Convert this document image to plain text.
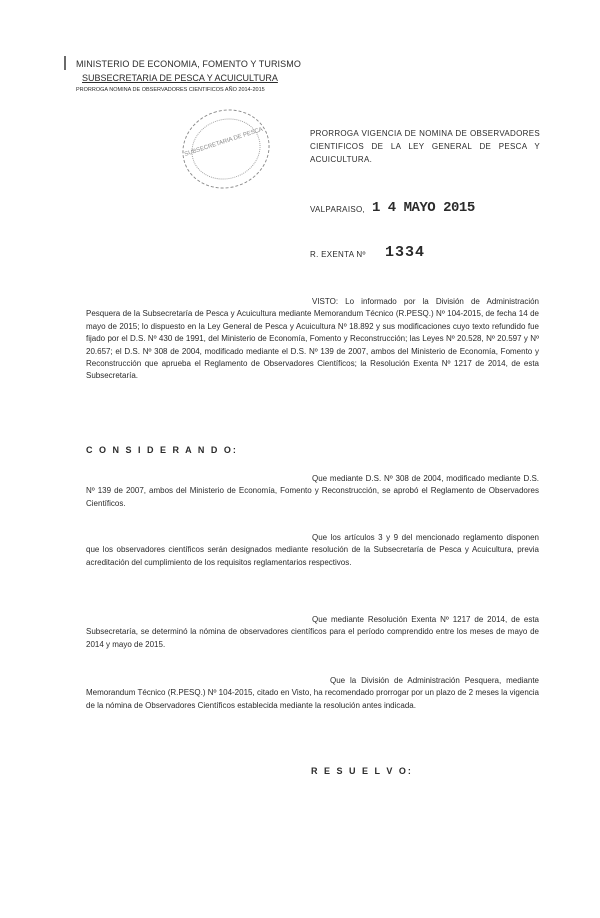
MINISTERIO DE ECONOMIA, FOMENTO Y TURISMO
SUBSECRETARIA DE PESCA Y ACUICULTURA
PRORROGA NOMINA DE OBSERVADORES CIENTIFICOS AÑO 2014-2015
SUBSECRETARIA DE PESCA	PRORROGA VIGENCIA DE NOMINA DE OBSERVADORES CIENTIFICOS DE LA LEY GENERAL DE PESCA Y ACUICULTURA.
VALPARAISO, 1 4 MAYO 2015
R. EXENTA Nº 1334
VISTO: Lo informado por la División de Administración Pesquera de la Subsecretaría de Pesca y Acuicultura mediante Memorandum Técnico (R.PESQ.) Nº 104-2015, de fecha 14 de mayo de 2015; lo dispuesto en la Ley General de Pesca y Acuicultura Nº 18.892 y sus modificaciones cuyo texto refundido fue fijado por el D.S. Nº 430 de 1991, del Ministerio de Economía, Fomento y Reconstrucción; las Leyes Nº 20.528, Nº 20.597 y Nº 20.657; el D.S. Nº 308 de 2004, modificado mediante el D.S. Nº 139 de 2007, ambos del Ministerio de Economía, Fomento y Reconstrucción que aprueba el Reglamento de Observadores Científicos; la Resolución Exenta Nº 1217 de 2014, de esta Subsecretaría.
C O N S I D E R A N D O:
Que mediante D.S. Nº 308 de 2004, modificado mediante D.S. Nº 139 de 2007, ambos del Ministerio de Economía, Fomento y Reconstrucción, se aprobó el Reglamento de Observadores Científicos.
Que los artículos 3 y 9 del mencionado reglamento disponen que los observadores científicos serán designados mediante resolución de la Subsecretaría de Pesca y Acuicultura, previa acreditación del cumplimiento de los requisitos reglamentarios respectivos.
Que mediante Resolución Exenta Nº 1217 de 2014, de esta Subsecretaría, se determinó la nómina de observadores científicos para el período comprendido entre los meses de mayo de 2014 y mayo de 2015.
Que la División de Administración Pesquera, mediante Memorandum Técnico (R.PESQ.) Nº 104-2015, citado en Visto, ha recomendado prorrogar por un plazo de 2 meses la vigencia de la nómina de Observadores Científicos establecida mediante la resolución antes indicada.
R E S U E L V O:
